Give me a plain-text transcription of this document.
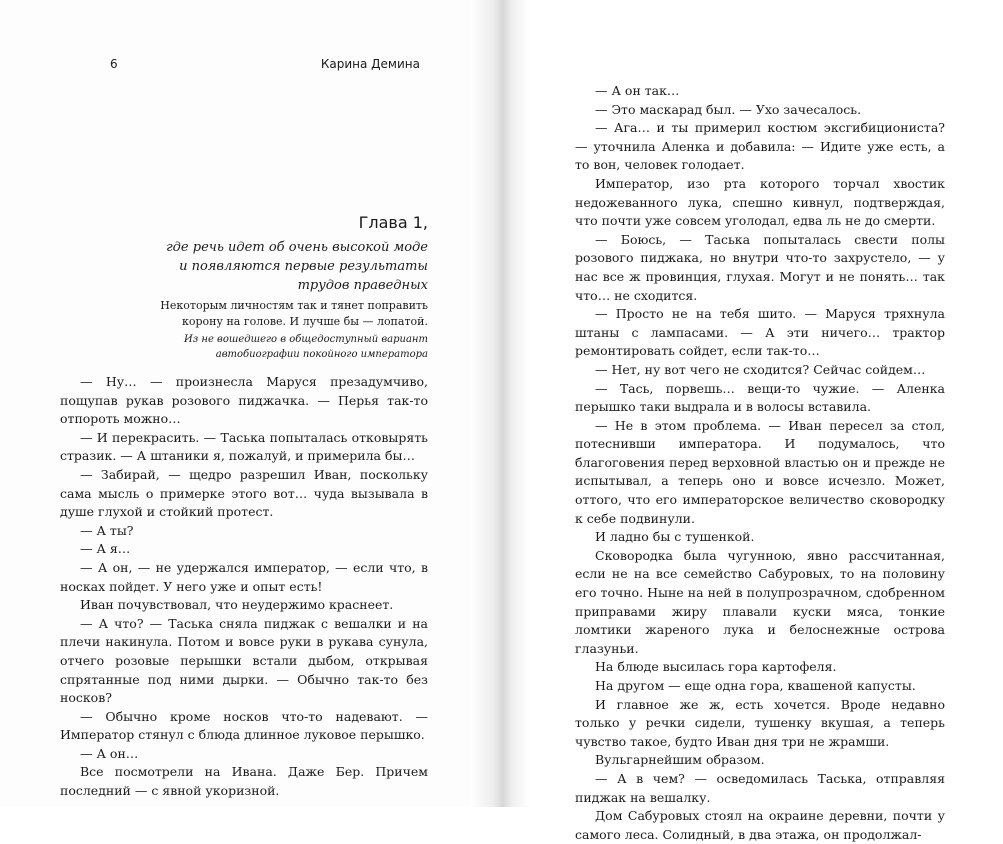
Глава 1,
где речь идет об очень высокой моде
и появляются первые результаты
трудов праведных
Некоторым личностям так и тянет поправить
корону на голове. И лучше бы — лопатой.
Из не вошедшего в общедоступный вариант
автобиографии покойного императора

— Ну… — произнесла Маруся презадумчиво, пощупав рукав розового пиджачка. — Перья так-то отпороть можно…

— И перекрасить. — Таська попыталась отковырять стразик. — А штаники я, пожалуй, и примерила бы…

— Забирай, — щедро разрешил Иван, поскольку сама мысль о примерке этого вот… чуда вызывала в душе глухой и стойкий протест.

— А ты?

— А я…

— А он, — не удержался император, — если что, в носках пойдет. У него уже и опыт есть!

Иван почувствовал, что неудержимо краснеет.

— А что? — Таська сняла пиджак с вешалки и на плечи накинула. Потом и вовсе руки в рукава сунула, отчего розовые перышки встали дыбом, открывая спрятанные под ними дырки. — Обычно так-то без носков?

— Обычно кроме носков что-то надевают. — Император стянул с блюда длинное луковое перышко.

— А он…

Все посмотрели на Ивана. Даже Бер. Причем последний — с явной укоризной.

6	Карина Демина

— А он так…

— Это маскарад был. — Ухо зачесалось.

— Ага… и ты примерил костюм эксгибициониста? — уточнила Аленка и добавила: — Идите уже есть, а то вон, человек голодает.

Император, изо рта которого торчал хвостик недожеванного лука, спешно кивнул, подтверждая, что почти уже совсем уголодал, едва ль не до смерти.

— Боюсь, — Таська попыталась свести полы розового пиджака, но внутри что-то захрустело, — у нас все ж провинция, глухая. Могут и не понять… так что… не сходится.

— Просто не на тебя шито. — Маруся тряхнула штаны с лампасами. — А эти ничего… трактор ремонтировать сойдет, если так-то…

— Нет, ну вот чего не сходится? Сейчас сойдем…

— Тась, порвешь… вещи-то чужие. — Аленка перышко таки выдрала и в волосы вставила.

— Не в этом проблема. — Иван пересел за стол, потеснивши императора. И подумалось, что благоговения перед верховной властью он и прежде не испытывал, а теперь оно и вовсе исчезло. Может, оттого, что его императорское величество сковородку к себе подвинули.

И ладно бы с тушенкой.

Сковородка была чугунною, явно рассчитанная, если не на все семейство Сабуровых, то на половину его точно. Ныне на ней в полупрозрачном, сдобренном приправами жиру плавали куски мяса, тонкие ломтики жареного лука и белоснежные острова глазуньи.

На блюде высилась гора картофеля.

На другом — еще одна гора, квашеной капусты.

И главное же ж, есть хочется. Вроде недавно только у речки сидели, тушенку вкушая, а теперь чувство такое, будто Иван дня три не жрамши.

Вульгарнейшим образом.

— А в чем? — осведомилась Таська, отправляя пиджак на вешалку.

Дом Сабуровых стоял на окраине деревни, почти у самого леса. Солидный, в два этажа, он продолжал-
